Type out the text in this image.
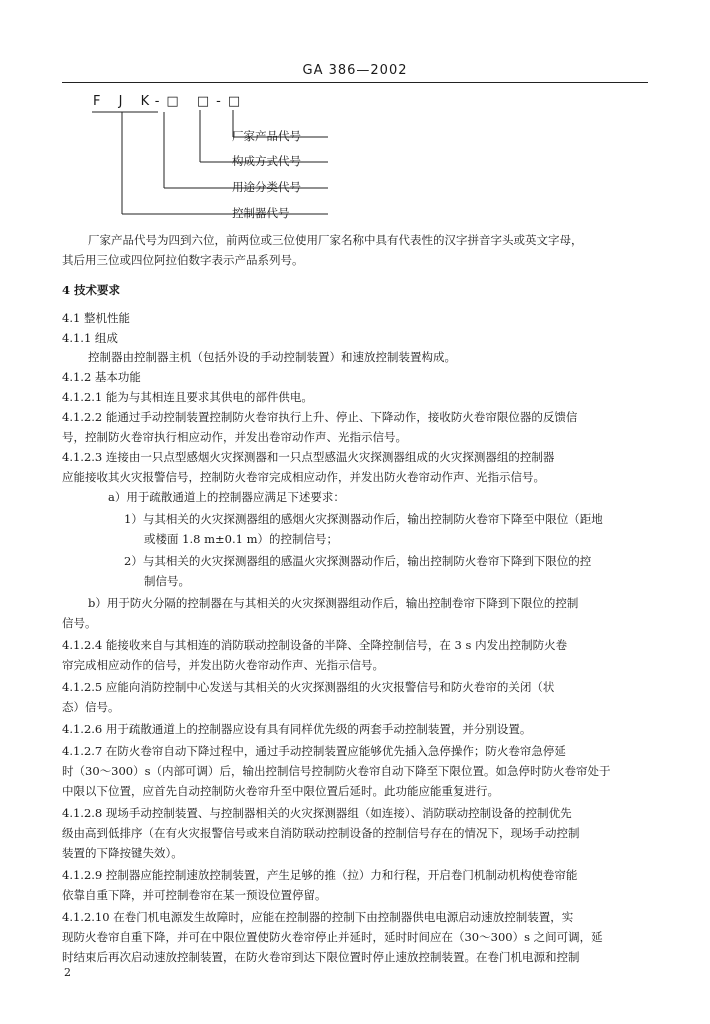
GA 386—2002
F J K-□ □-□
厂家产品代号
构成方式代号
用途分类代号
控制器代号
厂家产品代号为四到六位，前两位或三位使用厂家名称中具有代表性的汉字拼音字头或英文字母，
其后用三位或四位阿拉伯数字表示产品系列号。
4 技术要求
4.1 整机性能
4.1.1 组成
控制器由控制器主机（包括外设的手动控制装置）和速放控制装置构成。
4.1.2 基本功能
4.1.2.1 能为与其相连且要求其供电的部件供电。
4.1.2.2 能通过手动控制装置控制防火卷帘执行上升、停止、下降动作，接收防火卷帘限位器的反馈信
号，控制防火卷帘执行相应动作，并发出卷帘动作声、光指示信号。
4.1.2.3 连接由一只点型感烟火灾探测器和一只点型感温火灾探测器组成的火灾探测器组的控制器
应能接收其火灾报警信号，控制防火卷帘完成相应动作，并发出防火卷帘动作声、光指示信号。
a）用于疏散通道上的控制器应满足下述要求：
1）与其相关的火灾探测器组的感烟火灾探测器动作后，输出控制防火卷帘下降至中限位（距地
或楼面 1.8 m±0.1 m）的控制信号；
2）与其相关的火灾探测器组的感温火灾探测器动作后，输出控制防火卷帘下降到下限位的控
制信号。
b）用于防火分隔的控制器在与其相关的火灾探测器组动作后，输出控制卷帘下降到下限位的控制
信号。
4.1.2.4 能接收来自与其相连的消防联动控制设备的半降、全降控制信号，在 3 s 内发出控制防火卷
帘完成相应动作的信号，并发出防火卷帘动作声、光指示信号。
4.1.2.5 应能向消防控制中心发送与其相关的火灾探测器组的火灾报警信号和防火卷帘的关闭（状
态）信号。
4.1.2.6 用于疏散通道上的控制器应设有具有同样优先级的两套手动控制装置，并分别设置。
4.1.2.7 在防火卷帘自动下降过程中，通过手动控制装置应能够优先插入急停操作；防火卷帘急停延
时（30～300）s（内部可调）后，输出控制信号控制防火卷帘自动下降至下限位置。如急停时防火卷帘处于
中限以下位置，应首先自动控制防火卷帘升至中限位置后延时。此功能应能重复进行。
4.1.2.8 现场手动控制装置、与控制器相关的火灾探测器组（如连接）、消防联动控制设备的控制优先
级由高到低排序（在有火灾报警信号或来自消防联动控制设备的控制信号存在的情况下，现场手动控制
装置的下降按键失效）。
4.1.2.9 控制器应能控制速放控制装置，产生足够的推（拉）力和行程，开启卷门机制动机构使卷帘能
依靠自重下降，并可控制卷帘在某一预设位置停留。
4.1.2.10 在卷门机电源发生故障时，应能在控制器的控制下由控制器供电电源启动速放控制装置，实
现防火卷帘自重下降，并可在中限位置使防火卷帘停止并延时，延时时间应在（30～300）s 之间可调，延
时结束后再次启动速放控制装置，在防火卷帘到达下限位置时停止速放控制装置。在卷门机电源和控制
2
